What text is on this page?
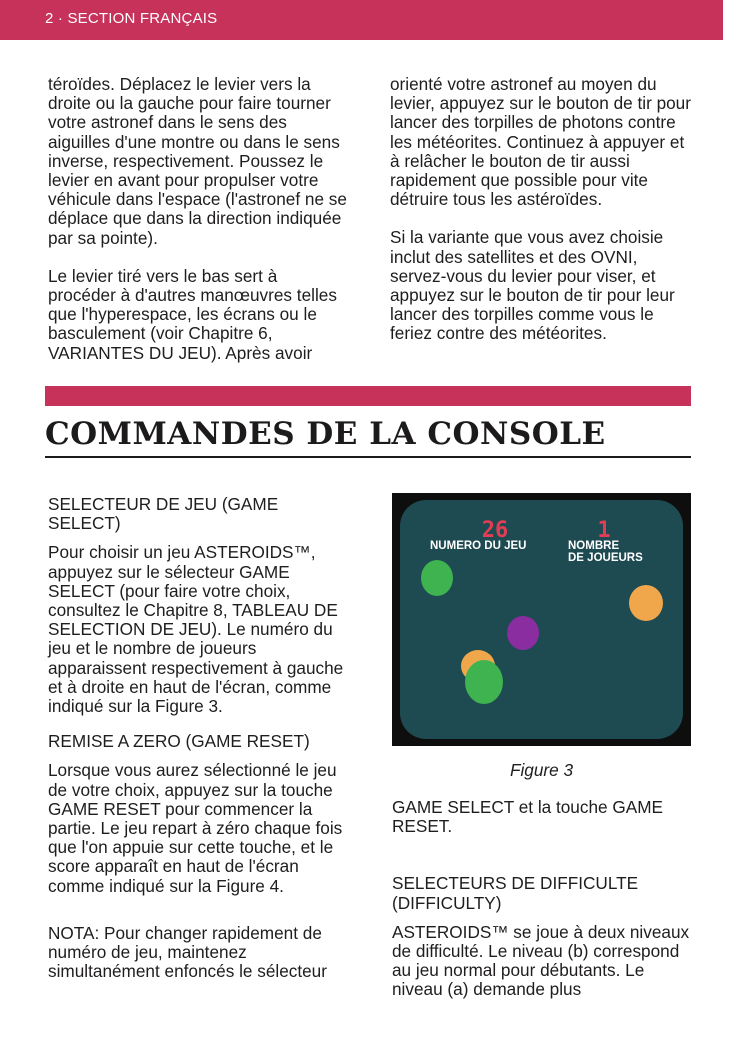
2 · SECTION FRANÇAIS

téroïdes. Déplacez le levier vers la droite ou la gauche pour faire tourner votre astronef dans le sens des aiguilles d'une montre ou dans le sens inverse, respectivement. Poussez le levier en avant pour propulser votre véhicule dans l'espace (l'astronef ne se déplace que dans la direction indiquée par sa pointe).

Le levier tiré vers le bas sert à procéder à d'autres manœuvres telles que l'hyperespace, les écrans ou le basculement (voir Chapitre 6, VARIANTES DU JEU). Après avoir

orienté votre astronef au moyen du levier, appuyez sur le bouton de tir pour lancer des torpilles de photons contre les météorites. Continuez à appuyer et à relâcher le bouton de tir aussi rapidement que possible pour vite détruire tous les astéroïdes.

Si la variante que vous avez choisie inclut des satellites et des OVNI, servez-vous du levier pour viser, et appuyez sur le bouton de tir pour leur lancer des torpilles comme vous le feriez contre des météorites.

COMMANDES DE LA CONSOLE
SELECTEUR DE JEU (GAME SELECT)

Pour choisir un jeu ASTEROIDS™, appuyez sur le sélecteur GAME SELECT (pour faire votre choix, consultez le Chapitre 8, TABLEAU DE SELECTION DE JEU). Le numéro du jeu et le nombre de joueurs apparaissent respectivement à gauche et à droite en haut de l'écran, comme indiqué sur la Figure 3.

REMISE A ZERO (GAME RESET)

Lorsque vous aurez sélectionné le jeu de votre choix, appuyez sur la touche GAME RESET pour commencer la partie. Le jeu repart à zéro chaque fois que l'on appuie sur cette touche, et le score apparaît en haut de l'écran comme indiqué sur la Figure 4.

NOTA: Pour changer rapidement de numéro de jeu, maintenez simultanément enfoncés le sélecteur

26	1
NUMERO DU JEU	NOMBRE
DE JOUEURS
Figure 3

GAME SELECT et la touche GAME RESET.

SELECTEURS DE DIFFICULTE (DIFFICULTY)

ASTEROIDS™ se joue à deux niveaux de difficulté. Le niveau (b) correspond au jeu normal pour débutants. Le niveau (a) demande plus
